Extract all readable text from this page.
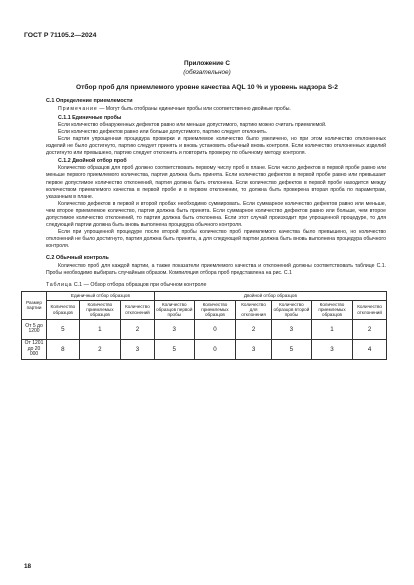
ГОСТ Р 71105.2—2024
Приложение С
(обязательное)
Отбор проб для приемлемого уровне качества AQL 10 % и уровень надзора S-2
С.1 Определение приемлемости

Примечание — Могут быть отобраны единичные пробы или соответственно двойные пробы.

С.1.1 Единичные пробы

Если количество обнаруженных дефектов равно или меньше допустимого, партию можно считать приемлемой.

Если количество дефектов равно или больше допустимого, партию следует отклонить.

Если партия упрощенная процедура проверки и приемлемое количество было увеличено, но при этом количество отклоненных изделий не было достигнуто, партию следует принять и вновь установить обычный вновь контроля. Если количество отклоненных изделий достигнуто или превышено, партию следует отклонить и повторить проверку по обычному методу контроля.

С.1.2 Двойной отбор проб

Количество образцов для проб должно соответствовать первому числу проб в плане. Если число дефектов в первой пробе равно или меньше первого приемлемого количества, партия должна быть принята. Если количество дефектов в первой пробе равно или превышает первое допустимое количество отклонений, партия должна быть отклонена. Если количество дефектов в первой пробе находится между количеством приемлемого качества в первой пробе и в первом отклонении, то должна быть проверена вторая проба по параметрам, указанным в плане.

Количество дефектов в первой и второй пробах необходимо суммировать. Если суммарное количество дефектов равно или меньше, чем второе приемлемое количество, партия должна быть принята. Если суммарное количество дефектов равно или больше, чем второе допустимое количество отклонений, то партия должна быть отклонена. Если этот случай произходит при упрощенной процедуре, то для следующей партии должна быть вновь выполнена процедура обычного контроля.

Если при упрощенной процедуре после второй пробы количество проб приемлемого качества было превышено, но количество отклонений не было достигнуто, партия должна быть принята, а для следующей партии должна быть вновь выполнена процедура обычного контроля.

С.2 Обычный контроль

Количество проб для каждой партии, а также показатели приемлемого качества и отклонений должны соответствовать таблице С.1. Пробы необходимо выбирать случайным образом. Компиляция отбора проб представлена на рис. С.1

Таблица С.1 — Обзор отбора образцов при обычном контроле
Размер партии	Единичный отбор образцов			Двойной отбор образцов					
	Количество образцов	Количество приемлемых образцов	Количество отклонений	Количество образцов первой пробы	Количество приемлемых образцов	Количество для отклонения	Количество образцов второй пробы	Количество приемлемых образцов	Количество отклонений
От 5 до 1200	5	1	2	3	0	2	3	1	2
От 1201 до 20 000	8	2	3	5	0	3	5	3	4
18
